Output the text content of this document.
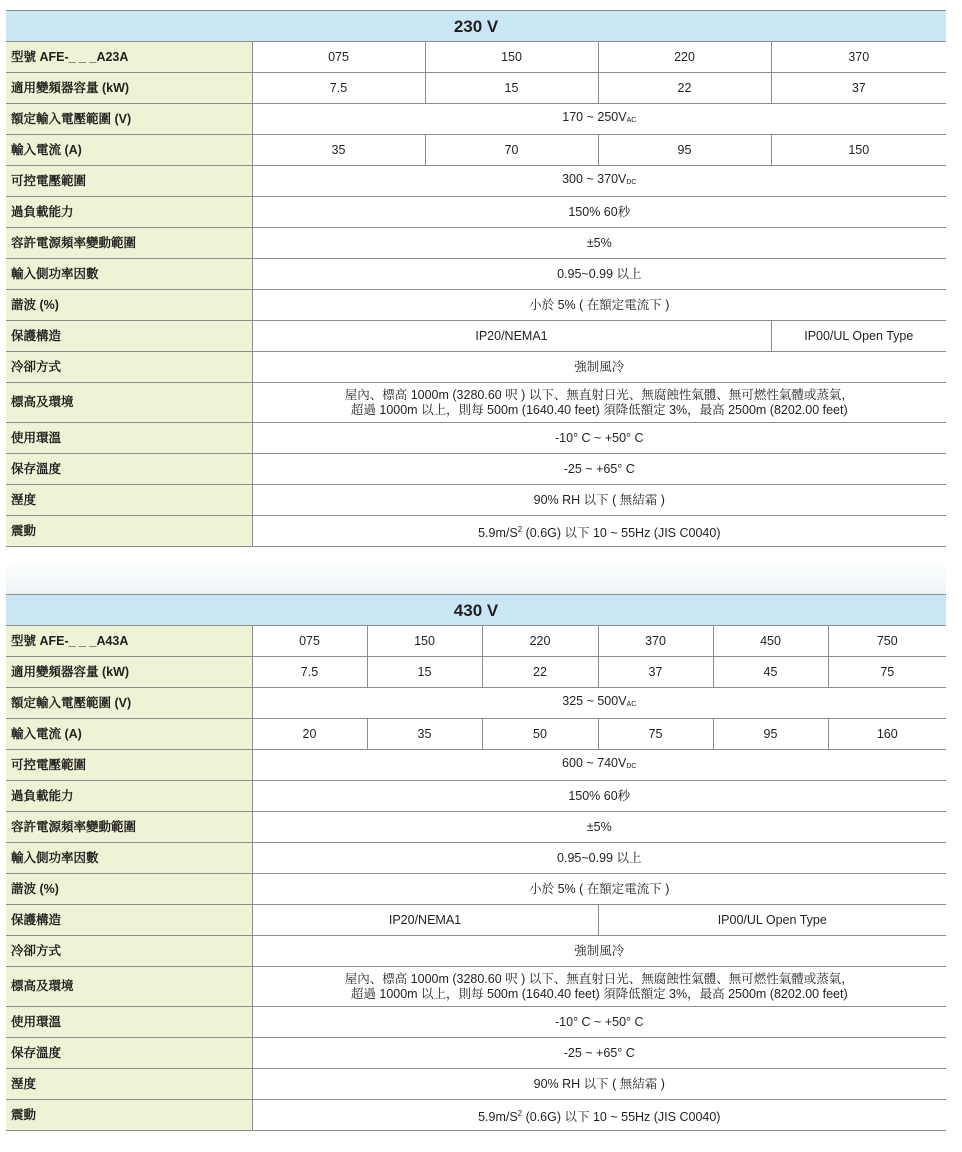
230 V				
型號 AFE-_ _ _A23A	075	150	220	370
適用變頻器容量 (kW)	7.5	15	22	37
額定輸入電壓範圍 (V)	170 ~ 250VAC			
輸入電流 (A)	35	70	95	150
可控電壓範圍	300 ~ 370VDC			
過負載能力	150% 60秒			
容許電源頻率變動範圍	±5%			
輸入側功率因數	0.95~0.99 以上			
諧波 (%)	小於 5% ( 在額定電流下 )			
保護構造	IP20/NEMA1			IP00/UL Open Type
冷卻方式	強制風冷			
標高及環境	屋內、標高 1000m (3280.60 呎 ) 以下、無直射日光、無腐蝕性氣體、無可燃性氣體或蒸氣，
超過 1000m 以上，則每 500m (1640.40 feet) 須降低額定 3%，最高 2500m (8202.00 feet)			

使用環溫	-10° C ~ +50° C			
保存溫度	-25 ~ +65° C			
溼度	90% RH 以下 ( 無結霜 )			
震動	$5.9m/S^2$ (0.6G) 以下 10 ~ 55Hz (JIS C0040)			
430 V						
型號 AFE-_ _ _A43A	075	150	220	370	450	750
適用變頻器容量 (kW)	7.5	15	22	37	45	75
額定輸入電壓範圍 (V)	325 ~ 500VAC					
輸入電流 (A)	20	35	50	75	95	160
可控電壓範圍	600 ~ 740VDC					
過負載能力	150% 60秒					
容許電源頻率變動範圍	±5%					
輸入側功率因數	0.95~0.99 以上					
諧波 (%)	小於 5% ( 在額定電流下 )					
保護構造	IP20/NEMA1			IP00/UL Open Type		
冷卻方式	強制風冷					
標高及環境	屋內、標高 1000m (3280.60 呎 ) 以下、無直射日光、無腐蝕性氣體、無可燃性氣體或蒸氣，
超過 1000m 以上，則每 500m (1640.40 feet) 須降低額定 3%，最高 2500m (8202.00 feet)					

使用環溫	-10° C ~ +50° C					
保存溫度	-25 ~ +65° C					
溼度	90% RH 以下 ( 無結霜 )					
震動	$5.9m/S^2$ (0.6G) 以下 10 ~ 55Hz (JIS C0040)					
